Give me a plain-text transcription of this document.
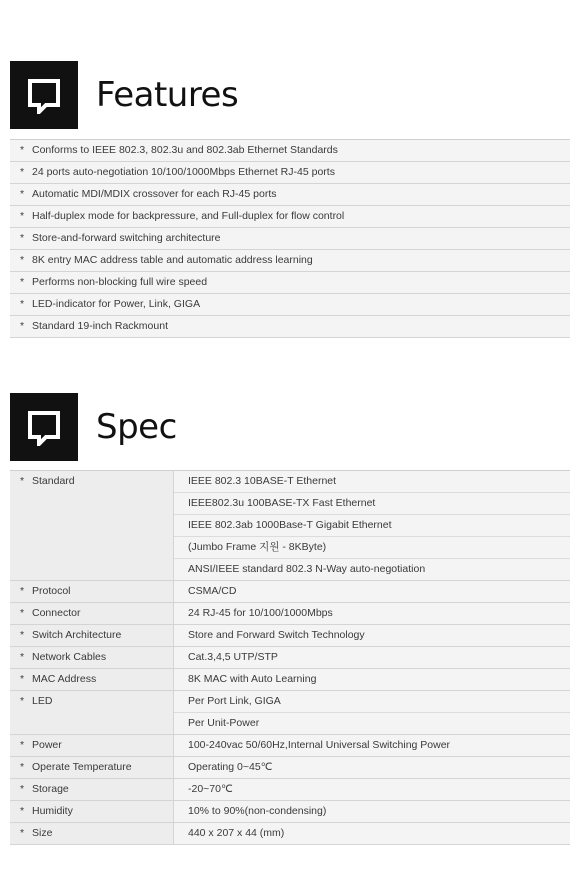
Features
* Conforms to IEEE 802.3, 802.3u and 802.3ab Ethernet Standards
* 24 ports auto-negotiation 10/100/1000Mbps Ethernet RJ-45 ports
* Automatic MDI/MDIX crossover for each RJ-45 ports
* Half-duplex mode for backpressure, and Full-duplex for flow control
* Store-and-forward switching architecture
* 8K entry MAC address table and automatic address learning
* Performs non-blocking full wire speed
* LED-indicator for Power, Link, GIGA
* Standard 19-inch Rackmount
Spec
* Standard	IEEE 802.3 10BASE-T Ethernet
IEEE802.3u 100BASE-TX Fast Ethernet
IEEE 802.3ab 1000Base-T Gigabit Ethernet
(Jumbo Frame 지원 - 8KByte)
ANSI/IEEE standard 802.3 N-Way auto-negotiation
* Protocol	CSMA/CD
* Connector	24 RJ-45 for 10/100/1000Mbps
* Switch Architecture	Store and Forward Switch Technology
* Network Cables	Cat.3,4,5 UTP/STP
* MAC Address	8K MAC with Auto Learning
* LED	Per Port Link, GIGA
Per Unit-Power
* Power	100-240vac 50/60Hz,Internal Universal Switching Power
* Operate Temperature	Operating 0~45℃
* Storage	-20~70℃
* Humidity	10% to 90%(non-condensing)
* Size	440 x 207 x 44 (mm)
